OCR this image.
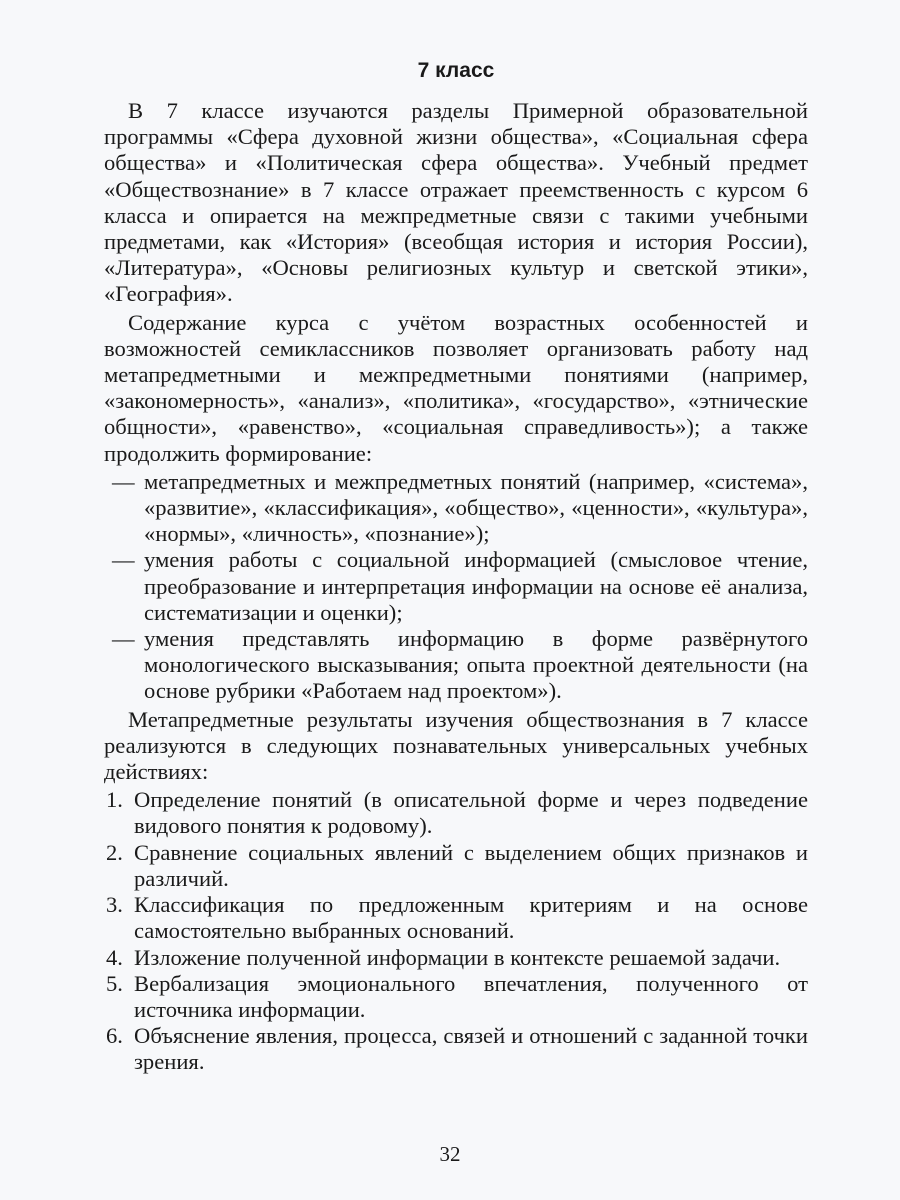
7 класс

В 7 классе изучаются разделы Примерной образовательной программы «Сфера духовной жизни общества», «Социальная сфера общества» и «Политическая сфера общества». Учебный предмет «Обществознание» в 7 классе отражает преемственность с курсом 6 класса и опирается на межпредметные связи с такими учебными предметами, как «История» (всеобщая история и история России), «Литература», «Основы религиозных культур и светской этики», «География».

Содержание курса с учётом возрастных особенностей и возможностей семиклассников позволяет организовать работу над метапредметными и межпредметными понятиями (например, «закономерность», «анализ», «политика», «государство», «этнические общности», «равенство», «социальная справедливость»); а также продолжить формирование:

— метапредметных и межпредметных понятий (например, «система», «развитие», «классификация», «общество», «ценности», «культура», «нормы», «личность», «познание»);
— умения работы с социальной информацией (смысловое чтение, преобразование и интерпретация информации на основе её анализа, систематизации и оценки);
— умения представлять информацию в форме развёрнутого монологического высказывания; опыта проектной деятельности (на основе рубрики «Работаем над проектом»).

Метапредметные результаты изучения обществознания в 7 классе реализуются в следующих познавательных универсальных учебных действиях:

1. Определение понятий (в описательной форме и через подведение видового понятия к родовому).
2. Сравнение социальных явлений с выделением общих признаков и различий.
3. Классификация по предложенным критериям и на основе самостоятельно выбранных оснований.
4. Изложение полученной информации в контексте решаемой задачи.
5. Вербализация эмоционального впечатления, полученного от источника информации.
6. Объяснение явления, процесса, связей и отношений с заданной точки зрения.
32
